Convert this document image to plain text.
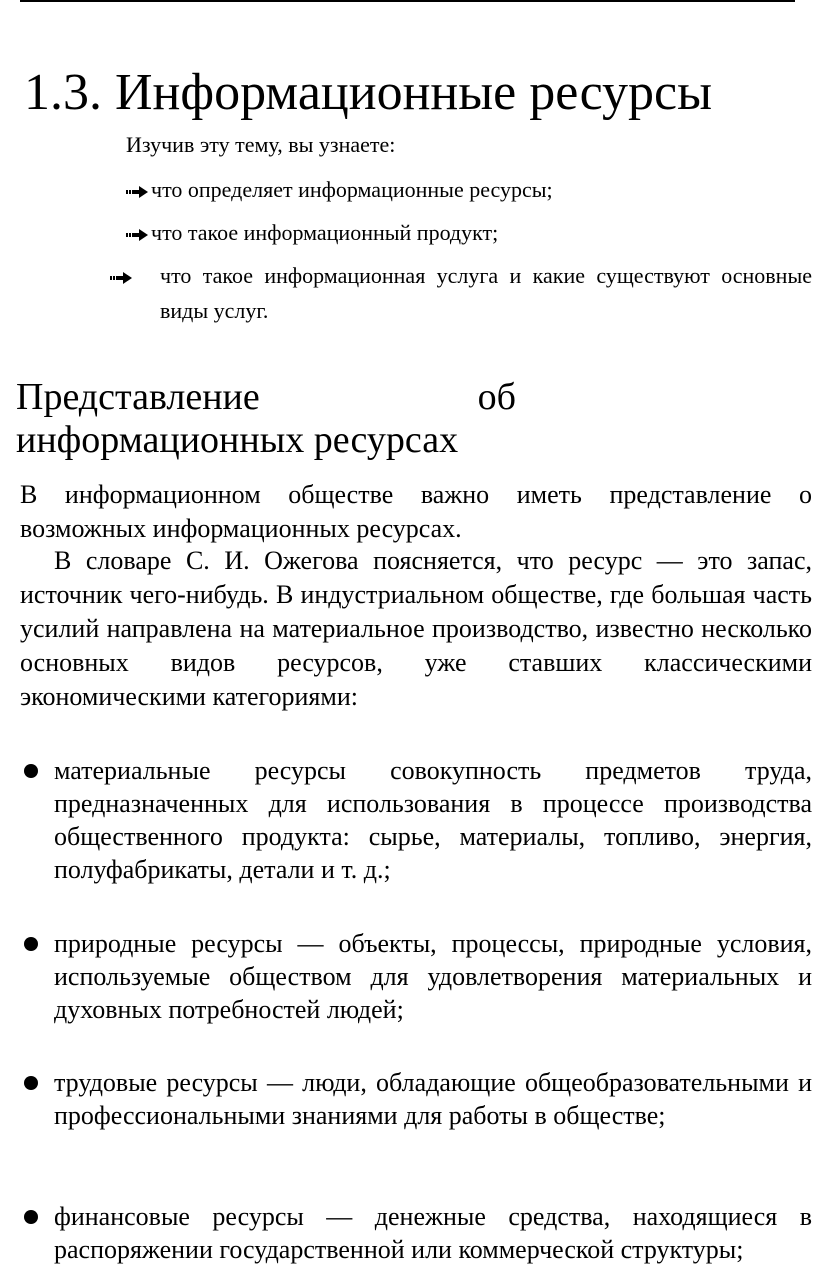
1.3. Информационные ресурсы

Изучив эту тему, вы узнаете:

что определяет информационные ресурсы;
что такое информационный продукт;
что такое информационная услуга и какие существуют основные виды услуг.
Представление	об
информационных ресурсах

В информационном обществе важно иметь представление о возможных информационных ресурсах.

В словаре С. И. Ожегова поясняется, что ресурс — это запас, источник чего-нибудь. В индустриальном обществе, где большая часть усилий направлена на материальное производство, известно несколько основных видов ресурсов, уже ставших классическими экономическими категориями:

материальные ресурсы совокупность предметов труда, предназначенных для использования в процессе производства общественного продукта: сырье, материалы, топливо, энергия, полуфабрикаты, детали и т. д.;

природные ресурсы — объекты, процессы, природные условия, используемые обществом для удовлетворения материальных и духовных потребностей людей;

трудовые ресурсы — люди, обладающие общеобразовательными и профессиональными знаниями для работы в обществе;

финансовые ресурсы — денежные средства, находящиеся в распоряжении государственной или коммерческой структуры;
